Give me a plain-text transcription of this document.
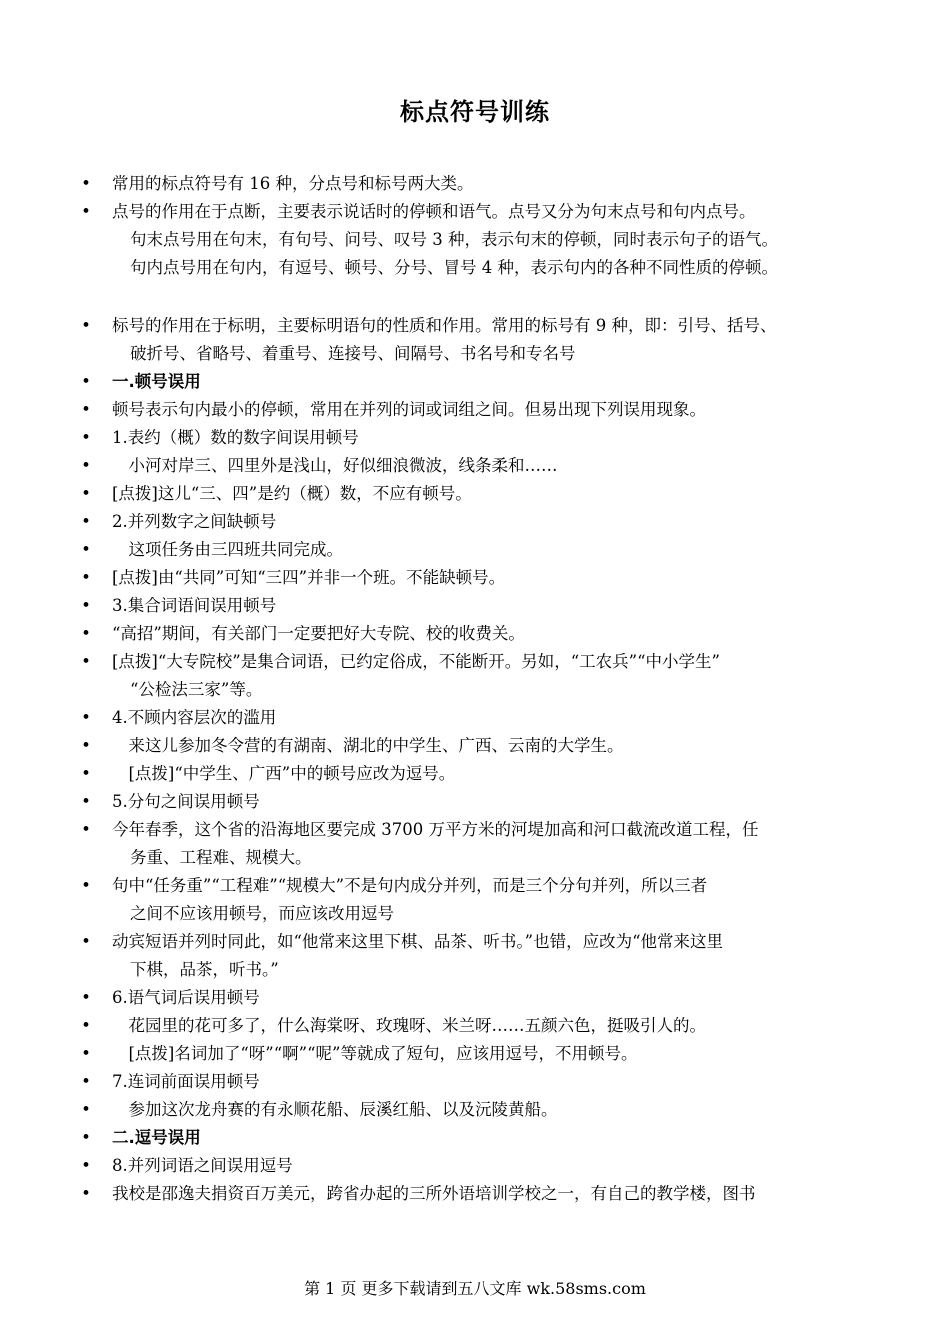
标点符号训练
• 常用的标点符号有 16 种，分点号和标号两大类。
• 点号的作用在于点断，主要表示说话时的停顿和语气。点号又分为句末点号和句内点号。
句末点号用在句末，有句号、问号、叹号 3 种，表示句末的停顿，同时表示句子的语气。
句内点号用在句内，有逗号、顿号、分号、冒号 4 种，表示句内的各种不同性质的停顿。
• 标号的作用在于标明，主要标明语句的性质和作用。常用的标号有 9 种，即：引号、括号、
破折号、省略号、着重号、连接号、间隔号、书名号和专名号
• 一.顿号误用
• 顿号表示句内最小的停顿，常用在并列的词或词组之间。但易出现下列误用现象。
• 1.表约（概）数的数字间误用顿号
• 　小河对岸三、四里外是浅山，好似细浪微波，线条柔和……
• [点拨]这儿“三、四”是约（概）数，不应有顿号。
• 2.并列数字之间缺顿号
• 　这项任务由三四班共同完成。
• [点拨]由“共同”可知“三四”并非一个班。不能缺顿号。
• 3.集合词语间误用顿号
• “高招”期间，有关部门一定要把好大专院、校的收费关。
• [点拨]“大专院校”是集合词语，已约定俗成，不能断开。另如，“工农兵”“中小学生”
“公检法三家”等。
• 4.不顾内容层次的滥用
• 　来这儿参加冬令营的有湖南、湖北的中学生、广西、云南的大学生。
• 　[点拨]“中学生、广西”中的顿号应改为逗号。
• 5.分句之间误用顿号
• 今年春季，这个省的沿海地区要完成 3700 万平方米的河堤加高和河口截流改道工程，任
务重、工程难、规模大。
• 句中“任务重”“工程难”“规模大”不是句内成分并列，而是三个分句并列，所以三者
之间不应该用顿号，而应该改用逗号
• 动宾短语并列时同此，如“他常来这里下棋、品茶、听书。”也错，应改为“他常来这里
下棋，品茶，听书。”
• 6.语气词后误用顿号
• 　花园里的花可多了，什么海棠呀、玫瑰呀、米兰呀……五颜六色，挺吸引人的。
• 　[点拨]名词加了“呀”“啊”“呢”等就成了短句，应该用逗号，不用顿号。
• 7.连词前面误用顿号
• 　参加这次龙舟赛的有永顺花船、辰溪红船、以及沅陵黄船。
• 二.逗号误用
• 8.并列词语之间误用逗号
• 我校是邵逸夫捐资百万美元，跨省办起的三所外语培训学校之一，有自己的教学楼，图书
第 1 页 更多下载请到五八文库 wk.58sms.com
